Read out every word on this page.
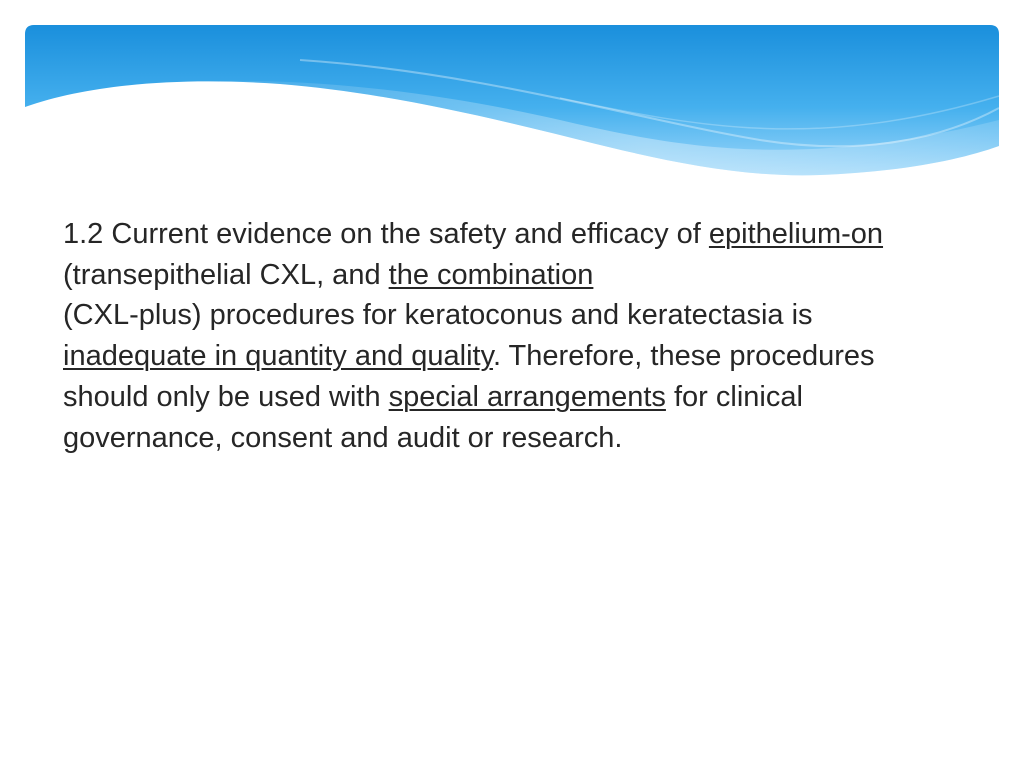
1.2 Current evidence on the safety and efficacy of epithelium-on (transepithelial CXL, and the combination
(CXL-plus) procedures for keratoconus and keratectasia is inadequate in quantity and quality. Therefore, these procedures should only be used with special arrangements for clinical governance, consent and audit or research.
